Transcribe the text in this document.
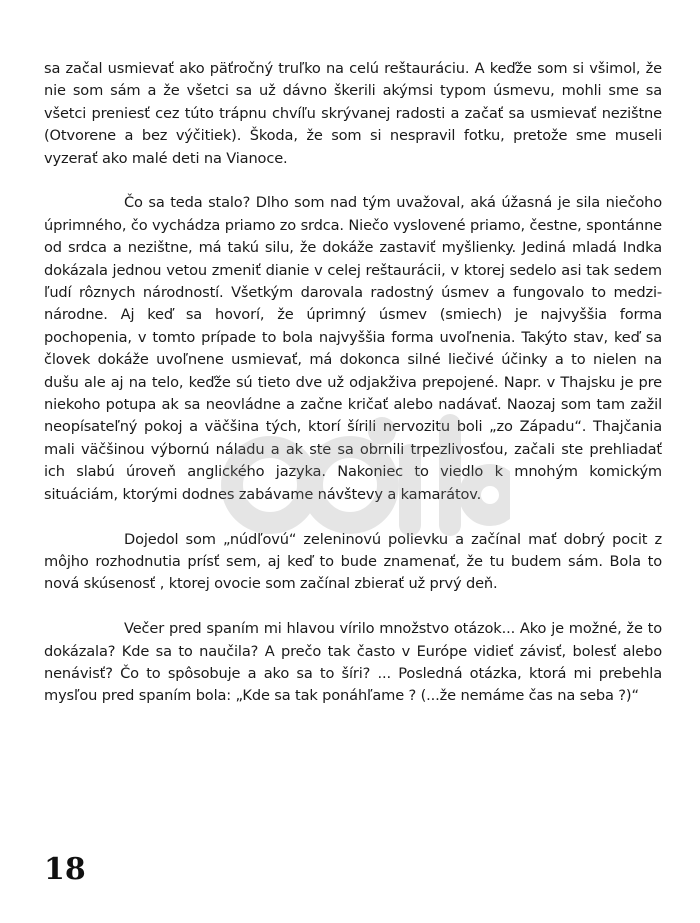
sa začal usmievať ako päťročný truľko na celú reštauráciu. A keďže som si všimol, že nie som sám a že všetci sa už dávno škerili akýmsi typom úsmevu, mohli sme sa všetci preniesť cez túto trápnu chvíľu skrývanej radosti a začať sa usmievať nezištne (Otvorene a bez výčitiek). Škoda, že som si nespravil fotku, pretože sme museli vyzerať ako malé deti na Vianoce.

Čo sa teda stalo? Dlho som nad tým uvažoval, aká úžasná je sila niečoho úprimného, čo vychádza priamo zo srdca. Niečo vyslovené priamo, čestne, spontánne od srdca a nezištne, má takú silu, že dokáže zastaviť myšlienky. Jediná mladá Indka dokázala jednou vetou zmeniť dianie v celej reštaurácii, v ktorej sedelo asi tak sedem ľudí rôznych národností. Všetkým darovala radostný úsmev a fungovalo to medzi-národne. Aj keď sa hovorí, že úprimný úsmev (smiech) je najvyššia forma pochopenia, v tomto prípade to bola najvyššia forma uvoľnenia. Takýto stav, keď sa človek dokáže uvoľnene usmievať, má dokonca silné liečivé účinky a to nielen na dušu ale aj na telo, keďže sú tieto dve už odjakživa prepojené. Napr. v Thajsku je pre niekoho potupa ak sa neovládne a začne kričať alebo nadávať. Naozaj som tam zažil neopísateľný pokoj a väčšina tých, ktorí šírili nervozitu boli „zo Západu“. Thajčania mali väčšinou výbornú náladu a ak ste sa obrnili trpezlivosťou, začali ste prehliadať ich slabú úroveň anglického jazyka. Nakoniec to viedlo k mnohým komickým situáciám, ktorými dodnes zabávame návštevy a kamarátov.

Dojedol som „núdľovú“ zeleninovú polievku a začínal mať dobrý pocit z môjho rozhodnutia prísť sem, aj keď to bude znamenať, že tu budem sám. Bola to nová skúsenosť , ktorej ovocie som začínal zbierať už prvý deň.

Večer pred spaním mi hlavou vírilo množstvo otázok... Ako je možné, že to dokázala? Kde sa to naučila? A prečo tak často v Európe vidieť závisť, bolesť alebo nenávisť? Čo to spôsobuje a ako sa to šíri? ... Posledná otázka, ktorá mi prebehla mysľou pred spaním bola: „Kde sa tak ponáhľame ? (...že nemáme čas na seba ?)“

18
